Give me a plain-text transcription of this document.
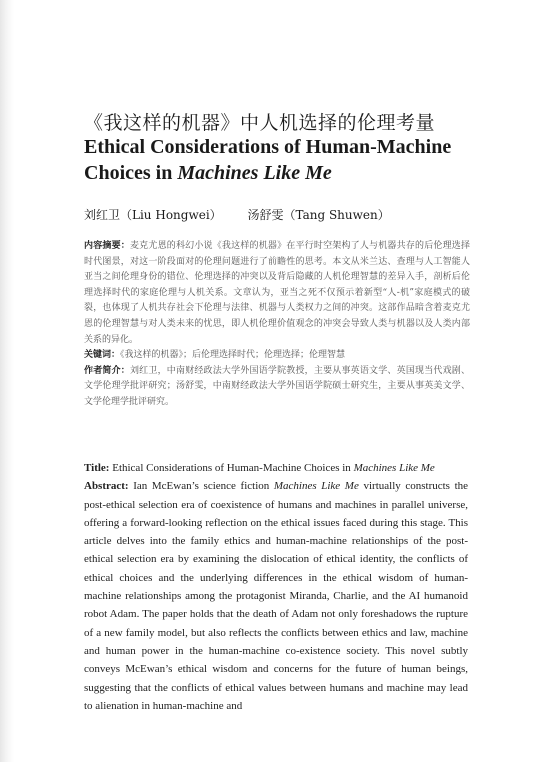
《我这样的机器》中人机选择的伦理考量
Ethical Considerations of Human-Machine Choices in Machines Like Me
刘红卫（Liu Hongwei） 汤舒雯（Tang Shuwen）

内容摘要：麦克尤恩的科幻小说《我这样的机器》在平行时空架构了人与机器共存的后伦理选择时代图景，对这一阶段面对的伦理问题进行了前瞻性的思考。本文从米兰达、查理与人工智能人亚当之间伦理身份的错位、伦理选择的冲突以及背后隐藏的人机伦理智慧的差异入手，剖析后伦理选择时代的家庭伦理与人机关系。文章认为，亚当之死不仅预示着新型“人-机”家庭模式的破裂，也体现了人机共存社会下伦理与法律、机器与人类权力之间的冲突。这部作品暗含着麦克尤恩的伦理智慧与对人类未来的忧思，即人机伦理价值观念的冲突会导致人类与机器以及人类内部关系的异化。

关键词：《我这样的机器》；后伦理选择时代；伦理选择；伦理智慧

作者简介：刘红卫，中南财经政法大学外国语学院教授，主要从事英语文学、英国现当代戏剧、文学伦理学批评研究；汤舒雯，中南财经政法大学外国语学院硕士研究生，主要从事英美文学、文学伦理学批评研究。

Title: Ethical Considerations of Human-Machine Choices in Machines Like Me

Abstract: Ian McEwan’s science fiction Machines Like Me virtually constructs the post-ethical selection era of coexistence of humans and machines in parallel universe, offering a forward-looking reflection on the ethical issues faced during this stage. This article delves into the family ethics and human-machine relationships of the post-ethical selection era by examining the dislocation of ethical identity, the conflicts of ethical choices and the underlying differences in the ethical wisdom of human-machine relationships among the protagonist Miranda, Charlie, and the AI humanoid robot Adam. The paper holds that the death of Adam not only foreshadows the rupture of a new family model, but also reflects the conflicts between ethics and law, machine and human power in the human-machine co-existence society. This novel subtly conveys McEwan’s ethical wisdom and concerns for the future of human beings, suggesting that the conflicts of ethical values between humans and machine may lead to alienation in human-machine and
